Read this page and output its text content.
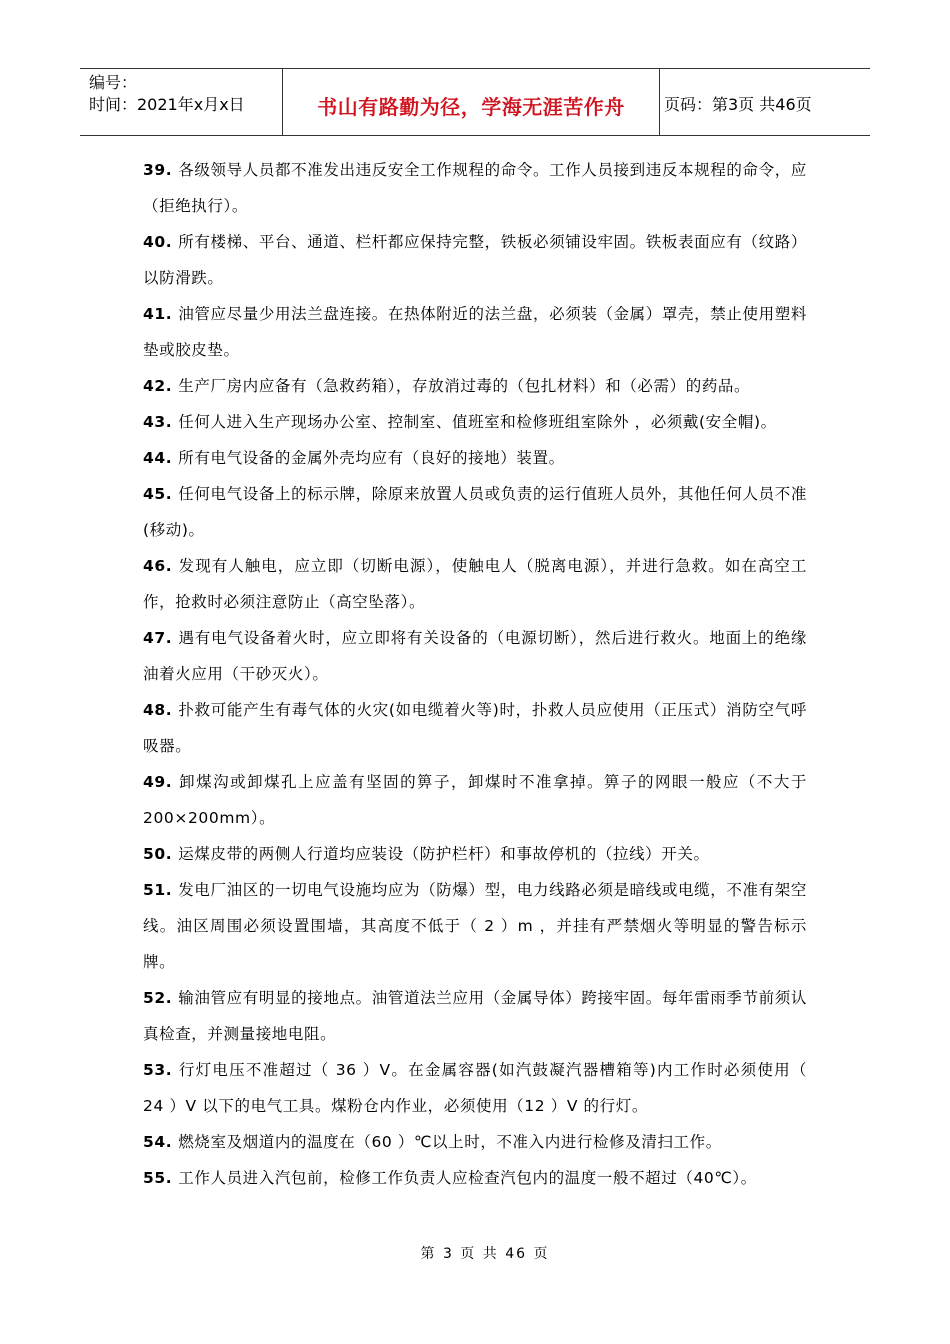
编号：
时间：2021年x月x日	书山有路勤为径，学海无涯苦作舟 页码：第3页 共46页

39. 各级领导人员都不准发出违反安全工作规程的命令。工作人员接到违反本规程的命令，应（拒绝执行）。

40. 所有楼梯、平台、通道、栏杆都应保持完整，铁板必须铺设牢固。铁板表面应有（纹路）以防滑跌。

41. 油管应尽量少用法兰盘连接。在热体附近的法兰盘，必须装（金属）罩壳，禁止使用塑料垫或胶皮垫。

42. 生产厂房内应备有（急救药箱），存放消过毒的（包扎材料）和（必需）的药品。

43. 任何人进入生产现场办公室、控制室、值班室和检修班组室除外 ，必须戴(安全帽)。

44. 所有电气设备的金属外壳均应有（良好的接地）装置。

45. 任何电气设备上的标示牌，除原来放置人员或负责的运行值班人员外，其他任何人员不准(移动)。

46. 发现有人触电，应立即（切断电源），使触电人（脱离电源），并进行急救。如在高空工作，抢救时必须注意防止（高空坠落）。

47. 遇有电气设备着火时，应立即将有关设备的（电源切断），然后进行救火。地面上的绝缘油着火应用（干砂灭火）。

48. 扑救可能产生有毒气体的火灾(如电缆着火等)时，扑救人员应使用（正压式）消防空气呼吸器。

49. 卸煤沟或卸煤孔上应盖有坚固的箅子，卸煤时不准拿掉。箅子的网眼一般应（不大于200×200mm）。

50. 运煤皮带的两侧人行道均应装设（防护栏杆）和事故停机的（拉线）开关。

51. 发电厂油区的一切电气设施均应为（防爆）型，电力线路必须是暗线或电缆，不准有架空线。油区周围必须设置围墙，其高度不低于（ 2 ）m ，并挂有严禁烟火等明显的警告标示牌。

52. 输油管应有明显的接地点。油管道法兰应用（金属导体）跨接牢固。每年雷雨季节前须认真检查，并测量接地电阻。

53. 行灯电压不准超过（ 36 ）V。在金属容器(如汽鼓凝汽器槽箱等)内工作时必须使用（ 24 ）V 以下的电气工具。煤粉仓内作业，必须使用（12 ）V 的行灯。

54. 燃烧室及烟道内的温度在（60 ）℃以上时，不准入内进行检修及清扫工作。

55. 工作人员进入汽包前，检修工作负责人应检查汽包内的温度一般不超过（40℃）。

第 3 页 共 46 页
